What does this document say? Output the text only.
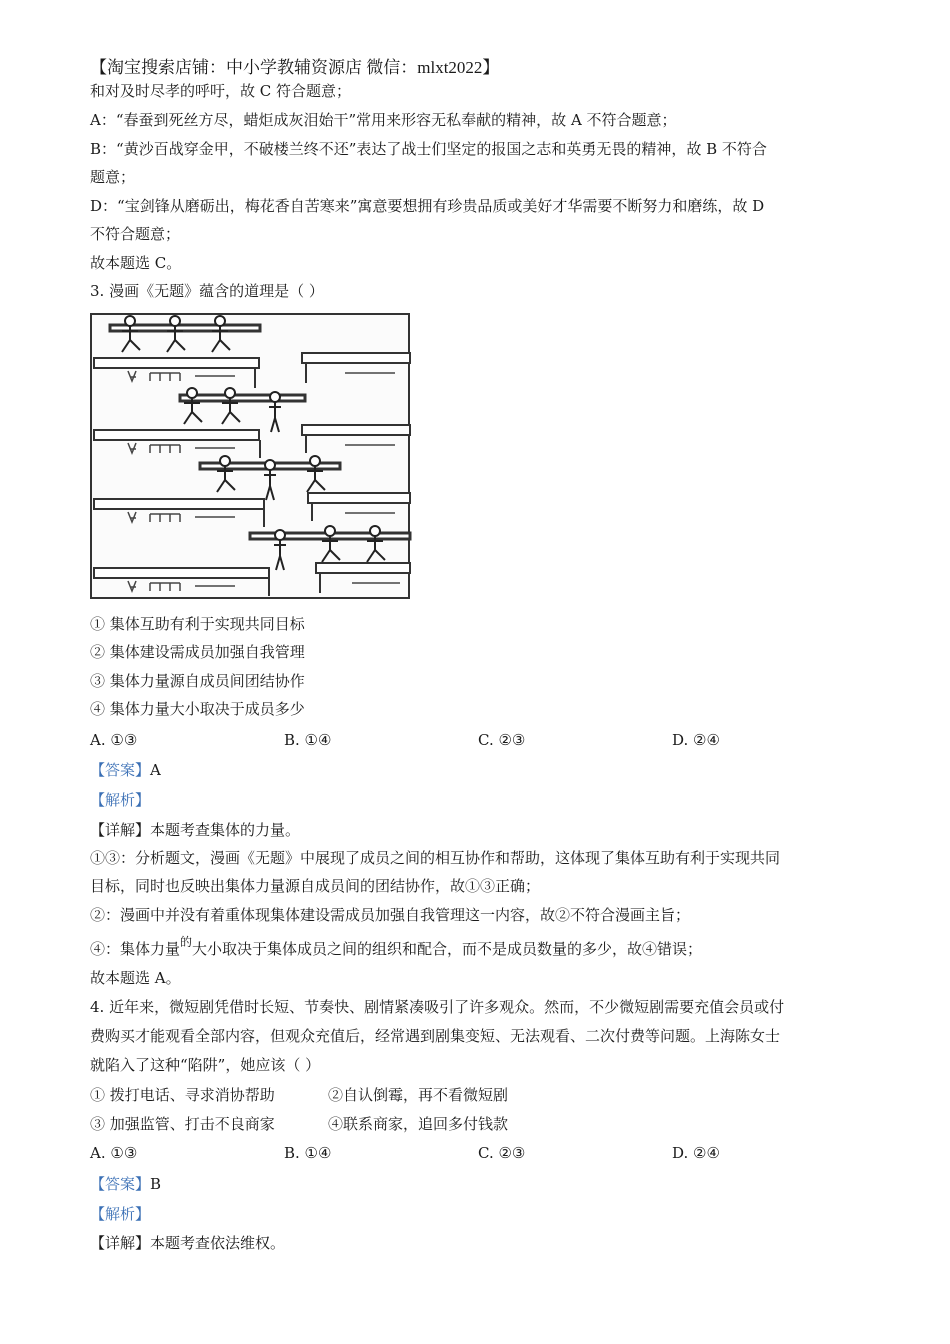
【淘宝搜索店铺：中小学教辅资源店 微信：mlxt2022】
和对及时尽孝的呼吁，故 C 符合题意；
A：“春蚕到死丝方尽，蜡炬成灰泪始干”常用来形容无私奉献的精神，故 A 不符合题意；
B：“黄沙百战穿金甲，不破楼兰终不还”表达了战士们坚定的报国之志和英勇无畏的精神，故 B 不符合
题意；
D：“宝剑锋从磨砺出，梅花香自苦寒来”寓意要想拥有珍贵品质或美好才华需要不断努力和磨练，故 D
不符合题意；
故本题选 C。
3. 漫画《无题》蕴含的道理是（ ）
① 集体互助有利于实现共同目标
② 集体建设需成员加强自我管理
③ 集体力量源自成员间团结协作
④ 集体力量大小取决于成员多少
A. ①③	B. ①④	C. ②③	D. ②④
【答案】A
【解析】
【详解】本题考查集体的力量。
①③：分析题文，漫画《无题》中展现了成员之间的相互协作和帮助，这体现了集体互助有利于实现共同
目标，同时也反映出集体力量源自成员间的团结协作，故①③正确；
②：漫画中并没有着重体现集体建设需成员加强自我管理这一内容，故②不符合漫画主旨；
④：集体力量$^的$大小取决于集体成员之间的组织和配合，而不是成员数量的多少，故④错误；
故本题选 A。
4. 近年来，微短剧凭借时长短、节奏快、剧情紧凑吸引了许多观众。然而，不少微短剧需要充值会员或付
费购买才能观看全部内容，但观众充值后，经常遇到剧集变短、无法观看、二次付费等问题。上海陈女士
就陷入了这种“陷阱”，她应该（ ）
① 拨打电话、寻求消协帮助	②自认倒霉，再不看微短剧
③ 加强监管、打击不良商家	④联系商家，追回多付钱款
A. ①③	B. ①④	C. ②③	D. ②④
【答案】B
【解析】
【详解】本题考查依法维权。
